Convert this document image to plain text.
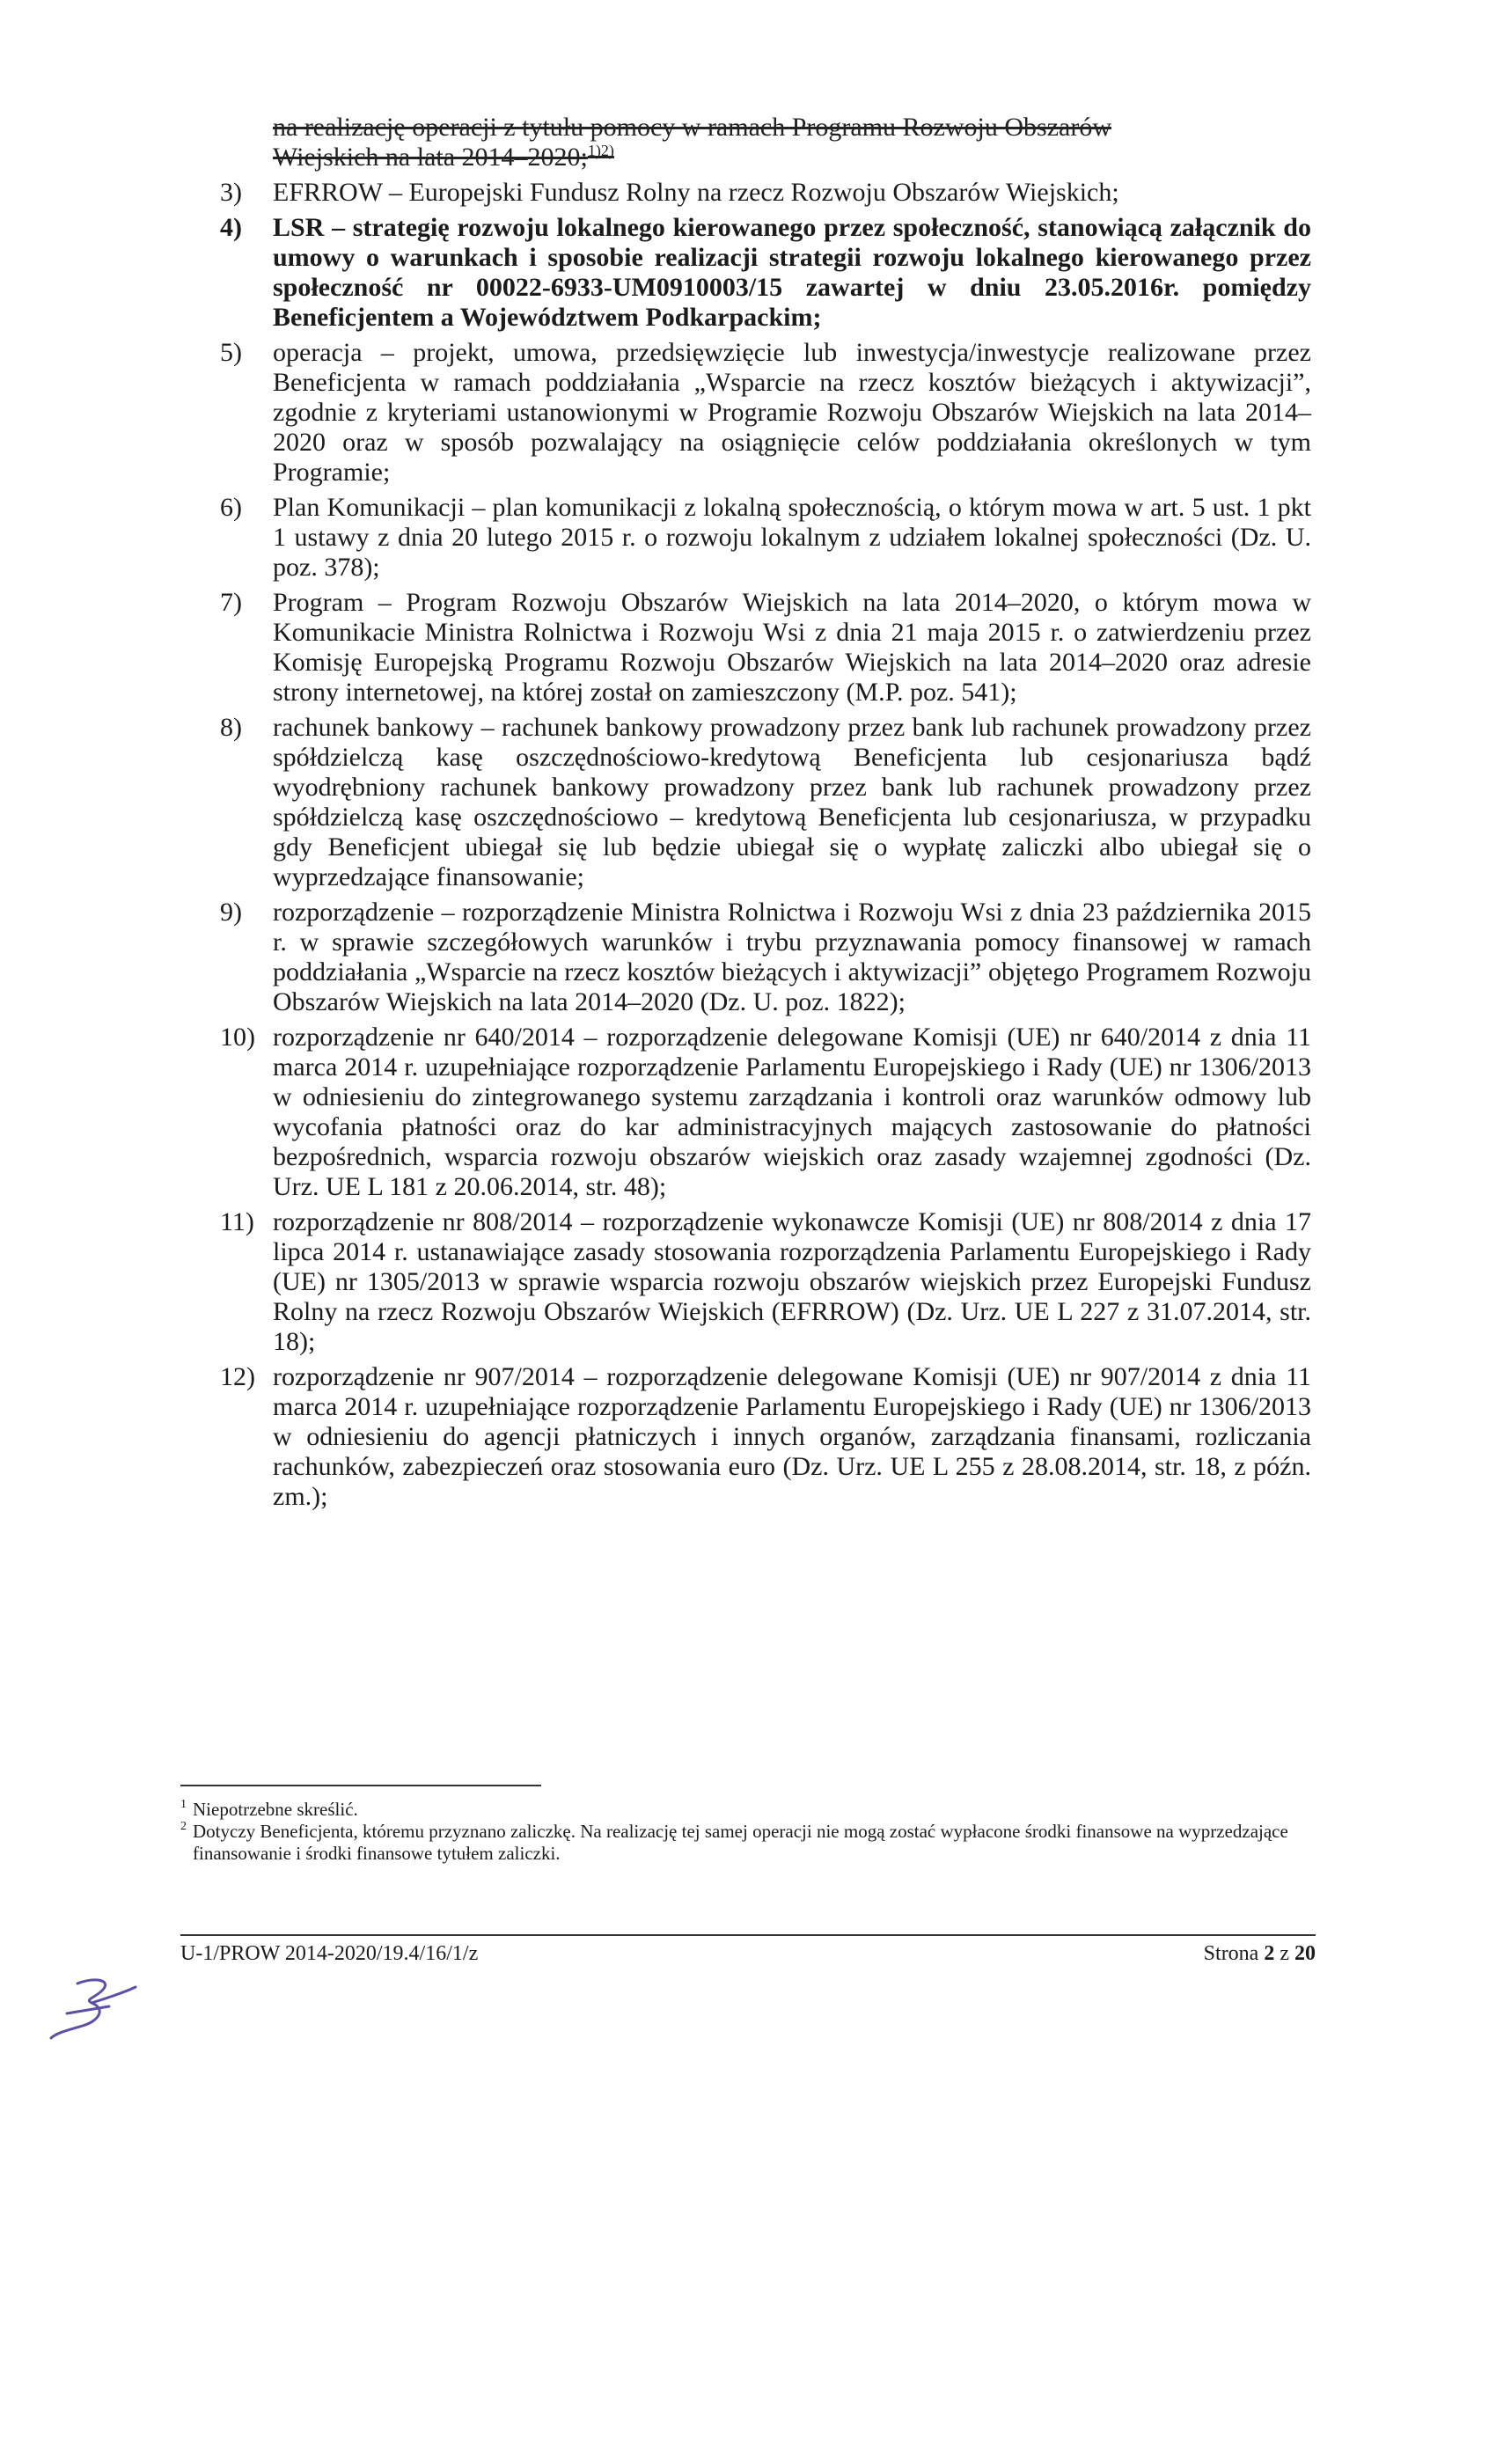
na realizację operacji z tytułu pomocy w ramach Programu Rozwoju Obszarów
Wiejskich na lata 2014–2020;$^{1)2)}$
3)	EFRROW – Europejski Fundusz Rolny na rzecz Rozwoju Obszarów Wiejskich;
4)	LSR – strategię rozwoju lokalnego kierowanego przez społeczność, stanowiącą załącznik do umowy o warunkach i sposobie realizacji strategii rozwoju lokalnego kierowanego przez społeczność nr 00022-6933-UM0910003/15 zawartej w dniu 23.05.2016r. pomiędzy Beneficjentem a Województwem Podkarpackim;
5)	operacja – projekt, umowa, przedsięwzięcie lub inwestycja/inwestycje realizowane przez Beneficjenta w ramach poddziałania „Wsparcie na rzecz kosztów bieżących i aktywizacji”, zgodnie z kryteriami ustanowionymi w Programie Rozwoju Obszarów Wiejskich na lata 2014–2020 oraz w sposób pozwalający na osiągnięcie celów poddziałania określonych w tym Programie;
6)	Plan Komunikacji – plan komunikacji z lokalną społecznością, o którym mowa w art. 5 ust. 1 pkt 1 ustawy z dnia 20 lutego 2015 r. o rozwoju lokalnym z udziałem lokalnej społeczności (Dz. U. poz. 378);
7)	Program – Program Rozwoju Obszarów Wiejskich na lata 2014–2020, o którym mowa w Komunikacie Ministra Rolnictwa i Rozwoju Wsi z dnia 21 maja 2015 r. o zatwierdzeniu przez Komisję Europejską Programu Rozwoju Obszarów Wiejskich na lata 2014–2020 oraz adresie strony internetowej, na której został on zamieszczony (M.P. poz. 541);
8)	rachunek bankowy – rachunek bankowy prowadzony przez bank lub rachunek prowadzony przez spółdzielczą kasę oszczędnościowo-kredytową Beneficjenta lub cesjonariusza bądź wyodrębniony rachunek bankowy prowadzony przez bank lub rachunek prowadzony przez spółdzielczą kasę oszczędnościowo – kredytową Beneficjenta lub cesjonariusza, w przypadku gdy Beneficjent ubiegał się lub będzie ubiegał się o wypłatę zaliczki albo ubiegał się o wyprzedzające finansowanie;
9)	rozporządzenie – rozporządzenie Ministra Rolnictwa i Rozwoju Wsi z dnia 23 października 2015 r. w sprawie szczegółowych warunków i trybu przyznawania pomocy finansowej w ramach poddziałania „Wsparcie na rzecz kosztów bieżących i aktywizacji” objętego Programem Rozwoju Obszarów Wiejskich na lata 2014–2020 (Dz. U. poz. 1822);
10) rozporządzenie nr 640/2014 – rozporządzenie delegowane Komisji (UE) nr 640/2014 z dnia 11 marca 2014 r. uzupełniające rozporządzenie Parlamentu Europejskiego i Rady (UE) nr 1306/2013 w odniesieniu do zintegrowanego systemu zarządzania i kontroli oraz warunków odmowy lub wycofania płatności oraz do kar administracyjnych mających zastosowanie do płatności bezpośrednich, wsparcia rozwoju obszarów wiejskich oraz zasady wzajemnej zgodności (Dz. Urz. UE L 181 z 20.06.2014, str. 48);
11) rozporządzenie nr 808/2014 – rozporządzenie wykonawcze Komisji (UE) nr 808/2014 z dnia 17 lipca 2014 r. ustanawiające zasady stosowania rozporządzenia Parlamentu Europejskiego i Rady (UE) nr 1305/2013 w sprawie wsparcia rozwoju obszarów wiejskich przez Europejski Fundusz Rolny na rzecz Rozwoju Obszarów Wiejskich (EFRROW) (Dz. Urz. UE L 227 z 31.07.2014, str. 18);
12) rozporządzenie nr 907/2014 – rozporządzenie delegowane Komisji (UE) nr 907/2014 z dnia 11 marca 2014 r. uzupełniające rozporządzenie Parlamentu Europejskiego i Rady (UE) nr 1306/2013 w odniesieniu do agencji płatniczych i innych organów, zarządzania finansami, rozliczania rachunków, zabezpieczeń oraz stosowania euro (Dz. Urz. UE L 255 z 28.08.2014, str. 18, z późn. zm.);
1 Niepotrzebne skreślić.
2 Dotyczy Beneficjenta, któremu przyznano zaliczkę. Na realizację tej samej operacji nie mogą zostać wypłacone środki finansowe na wyprzedzające finansowanie i środki finansowe tytułem zaliczki.
U-1/PROW 2014-2020/19.4/16/1/z	Strona 2 z 20
